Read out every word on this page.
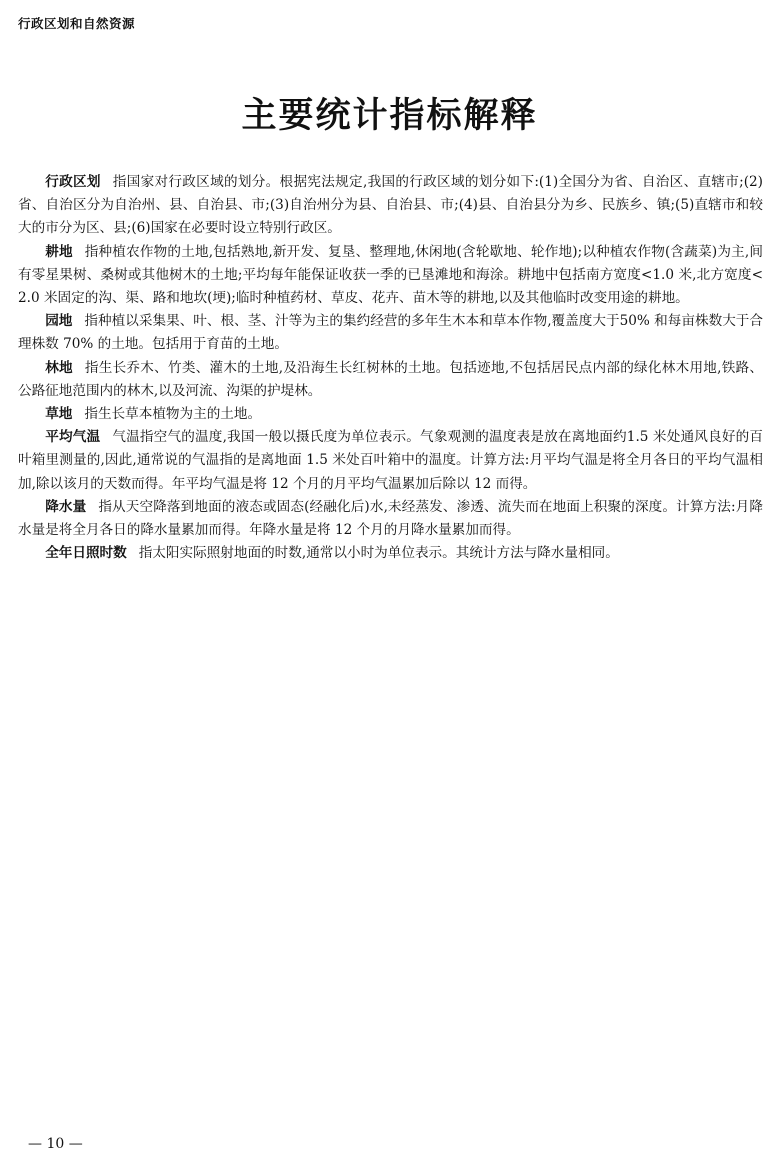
行政区划和自然资源
主要统计指标解释

行政区划 指国家对行政区域的划分。根据宪法规定,我国的行政区域的划分如下:(1)全国分为省、自治区、直辖市;(2)省、自治区分为自治州、县、自治县、市;(3)自治州分为县、自治县、市;(4)县、自治县分为乡、民族乡、镇;(5)直辖市和较大的市分为区、县;(6)国家在必要时设立特别行政区。

耕地 指种植农作物的土地,包括熟地,新开发、复垦、整理地,休闲地(含轮歇地、轮作地);以种植农作物(含蔬菜)为主,间有零星果树、桑树或其他树木的土地;平均每年能保证收获一季的已垦滩地和海涂。耕地中包括南方宽度<1.0 米,北方宽度<2.0 米固定的沟、渠、路和地坎(埂);临时种植药材、草皮、花卉、苗木等的耕地,以及其他临时改变用途的耕地。

园地 指种植以采集果、叶、根、茎、汁等为主的集约经营的多年生木本和草本作物,覆盖度大于50% 和每亩株数大于合理株数 70% 的土地。包括用于育苗的土地。

林地 指生长乔木、竹类、灌木的土地,及沿海生长红树林的土地。包括迹地,不包括居民点内部的绿化林木用地,铁路、公路征地范围内的林木,以及河流、沟渠的护堤林。

草地 指生长草本植物为主的土地。

平均气温 气温指空气的温度,我国一般以摄氏度为单位表示。气象观测的温度表是放在离地面约1.5 米处通风良好的百叶箱里测量的,因此,通常说的气温指的是离地面 1.5 米处百叶箱中的温度。计算方法:月平均气温是将全月各日的平均气温相加,除以该月的天数而得。年平均气温是将 12 个月的月平均气温累加后除以 12 而得。

降水量 指从天空降落到地面的液态或固态(经融化后)水,未经蒸发、渗透、流失而在地面上积聚的深度。计算方法:月降水量是将全月各日的降水量累加而得。年降水量是将 12 个月的月降水量累加而得。

全年日照时数 指太阳实际照射地面的时数,通常以小时为单位表示。其统计方法与降水量相同。

— 10 —
